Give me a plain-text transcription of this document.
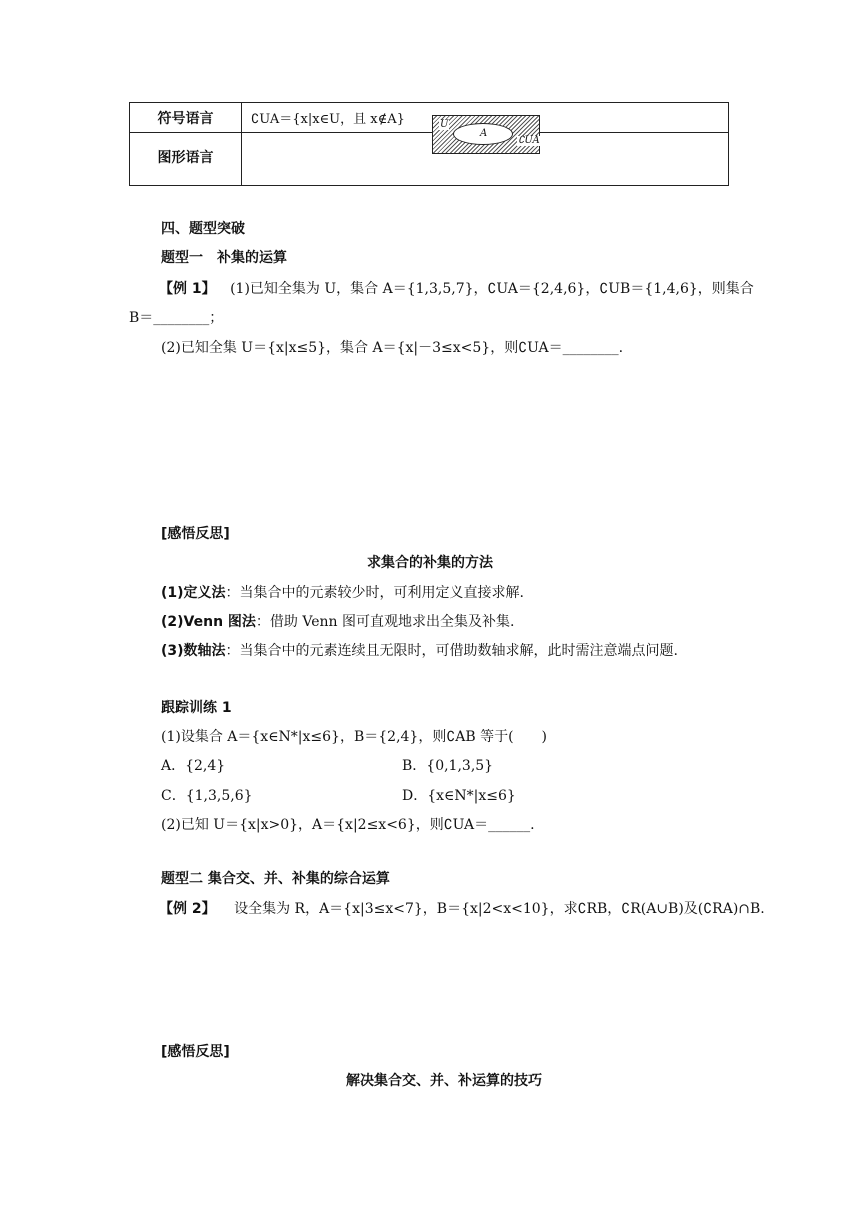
符号语言	∁UA＝{x|x∈U，且 x∉A}
图形语言
U
A
∁UA
四、题型突破
题型一　补集的运算
【例 1】 (1)已知全集为 U，集合 A＝{1,3,5,7}，∁UA＝{2,4,6}，∁UB＝{1,4,6}，则集合
B＝________；
(2)已知全集 U＝{x|x≤5}，集合 A＝{x|－3≤x<5}，则∁UA＝________.
[感悟反思]
求集合的补集的方法
(1)定义法：当集合中的元素较少时，可利用定义直接求解.
(2)Venn 图法：借助 Venn 图可直观地求出全集及补集.
(3)数轴法：当集合中的元素连续且无限时，可借助数轴求解，此时需注意端点问题.
跟踪训练 1
(1)设集合 A＝{x∈N*|x≤6}，B＝{2,4}，则∁AB 等于(　　)
A．{2,4}	B．{0,1,3,5}
C．{1,3,5,6}	D．{x∈N*|x≤6}
(2)已知 U＝{x|x>0}，A＝{x|2≤x<6}，则∁UA＝______.
题型二 集合交、并、补集的综合运算
【例 2】 设全集为 R，A＝{x|3≤x<7}，B＝{x|2<x<10}，求∁RB，∁R(A∪B)及(∁RA)∩B.
[感悟反思]
解决集合交、并、补运算的技巧
